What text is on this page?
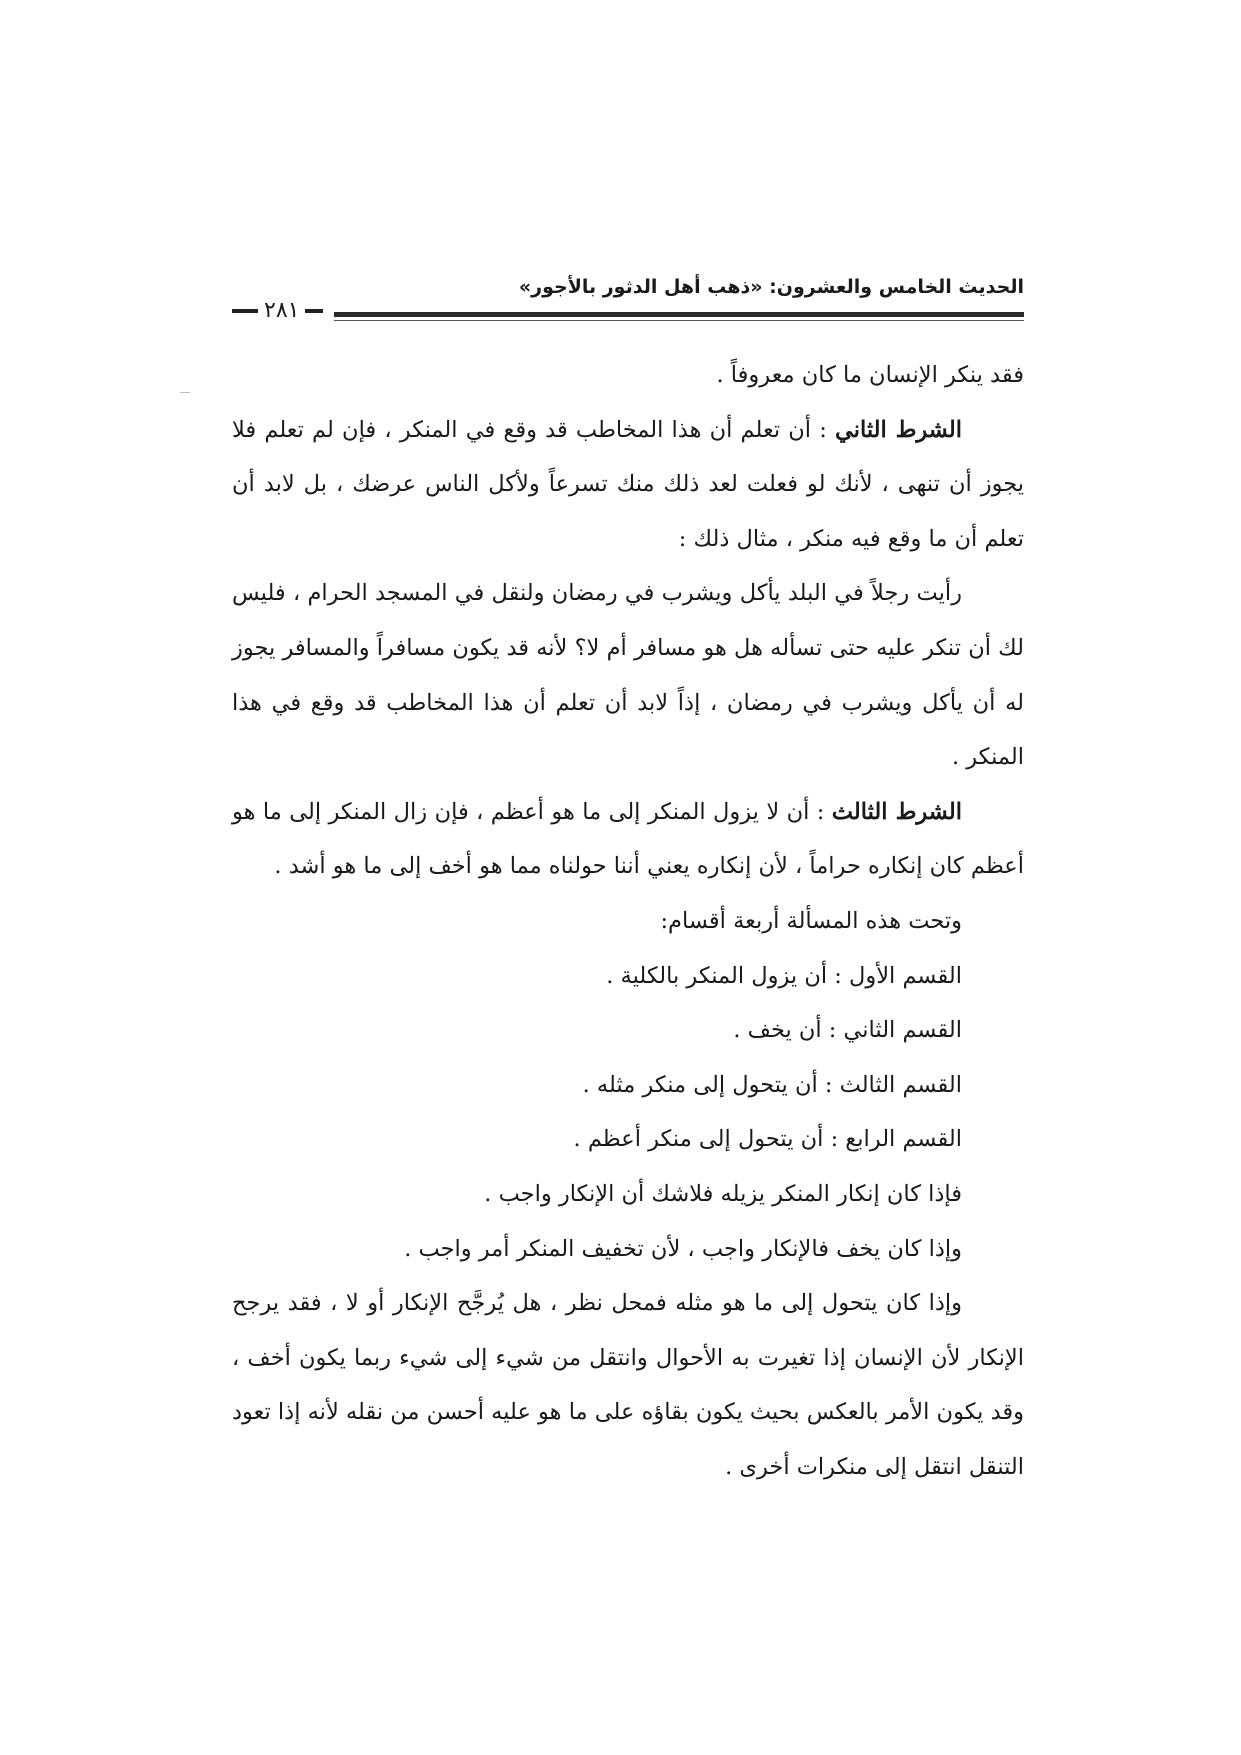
الحديث الخامس والعشرون: «ذهب أهل الدثور بالأجور»
٢٨١

فقد ينكر الإنسان ما كان معروفاً .

الشرط الثاني : أن تعلم أن هذا المخاطب قد وقع في المنكر ، فإن لم تعلم فلا يجوز أن تنهى ، لأنك لو فعلت لعد ذلك منك تسرعاً ولأكل الناس عرضك ، بل لابد أن تعلم أن ما وقع فيه منكر ، مثال ذلك :

رأيت رجلاً في البلد يأكل ويشرب في رمضان ولنقل في المسجد الحرام ، فليس لك أن تنكر عليه حتى تسأله هل هو مسافر أم لا؟ لأنه قد يكون مسافراً والمسافر يجوز له أن يأكل ويشرب في رمضان ، إذاً لابد أن تعلم أن هذا المخاطب قد وقع في هذا المنكر .

الشرط الثالث : أن لا يزول المنكر إلى ما هو أعظم ، فإن زال المنكر إلى ما هو أعظم كان إنكاره حراماً ، لأن إنكاره يعني أننا حولناه مما هو أخف إلى ما هو أشد .

وتحت هذه المسألة أربعة أقسام:

القسم الأول : أن يزول المنكر بالكلية .

القسم الثاني : أن يخف .

القسم الثالث : أن يتحول إلى منكر مثله .

القسم الرابع : أن يتحول إلى منكر أعظم .

فإذا كان إنكار المنكر يزيله فلاشك أن الإنكار واجب .

وإذا كان يخف فالإنكار واجب ، لأن تخفيف المنكر أمر واجب .

وإذا كان يتحول إلى ما هو مثله فمحل نظر ، هل يُرجَّح الإنكار أو لا ، فقد يرجح الإنكار لأن الإنسان إذا تغيرت به الأحوال وانتقل من شيء إلى شيء ربما يكون أخف ، وقد يكون الأمر بالعكس بحيث يكون بقاؤه على ما هو عليه أحسن من نقله لأنه إذا تعود التنقل انتقل إلى منكرات أخرى .
